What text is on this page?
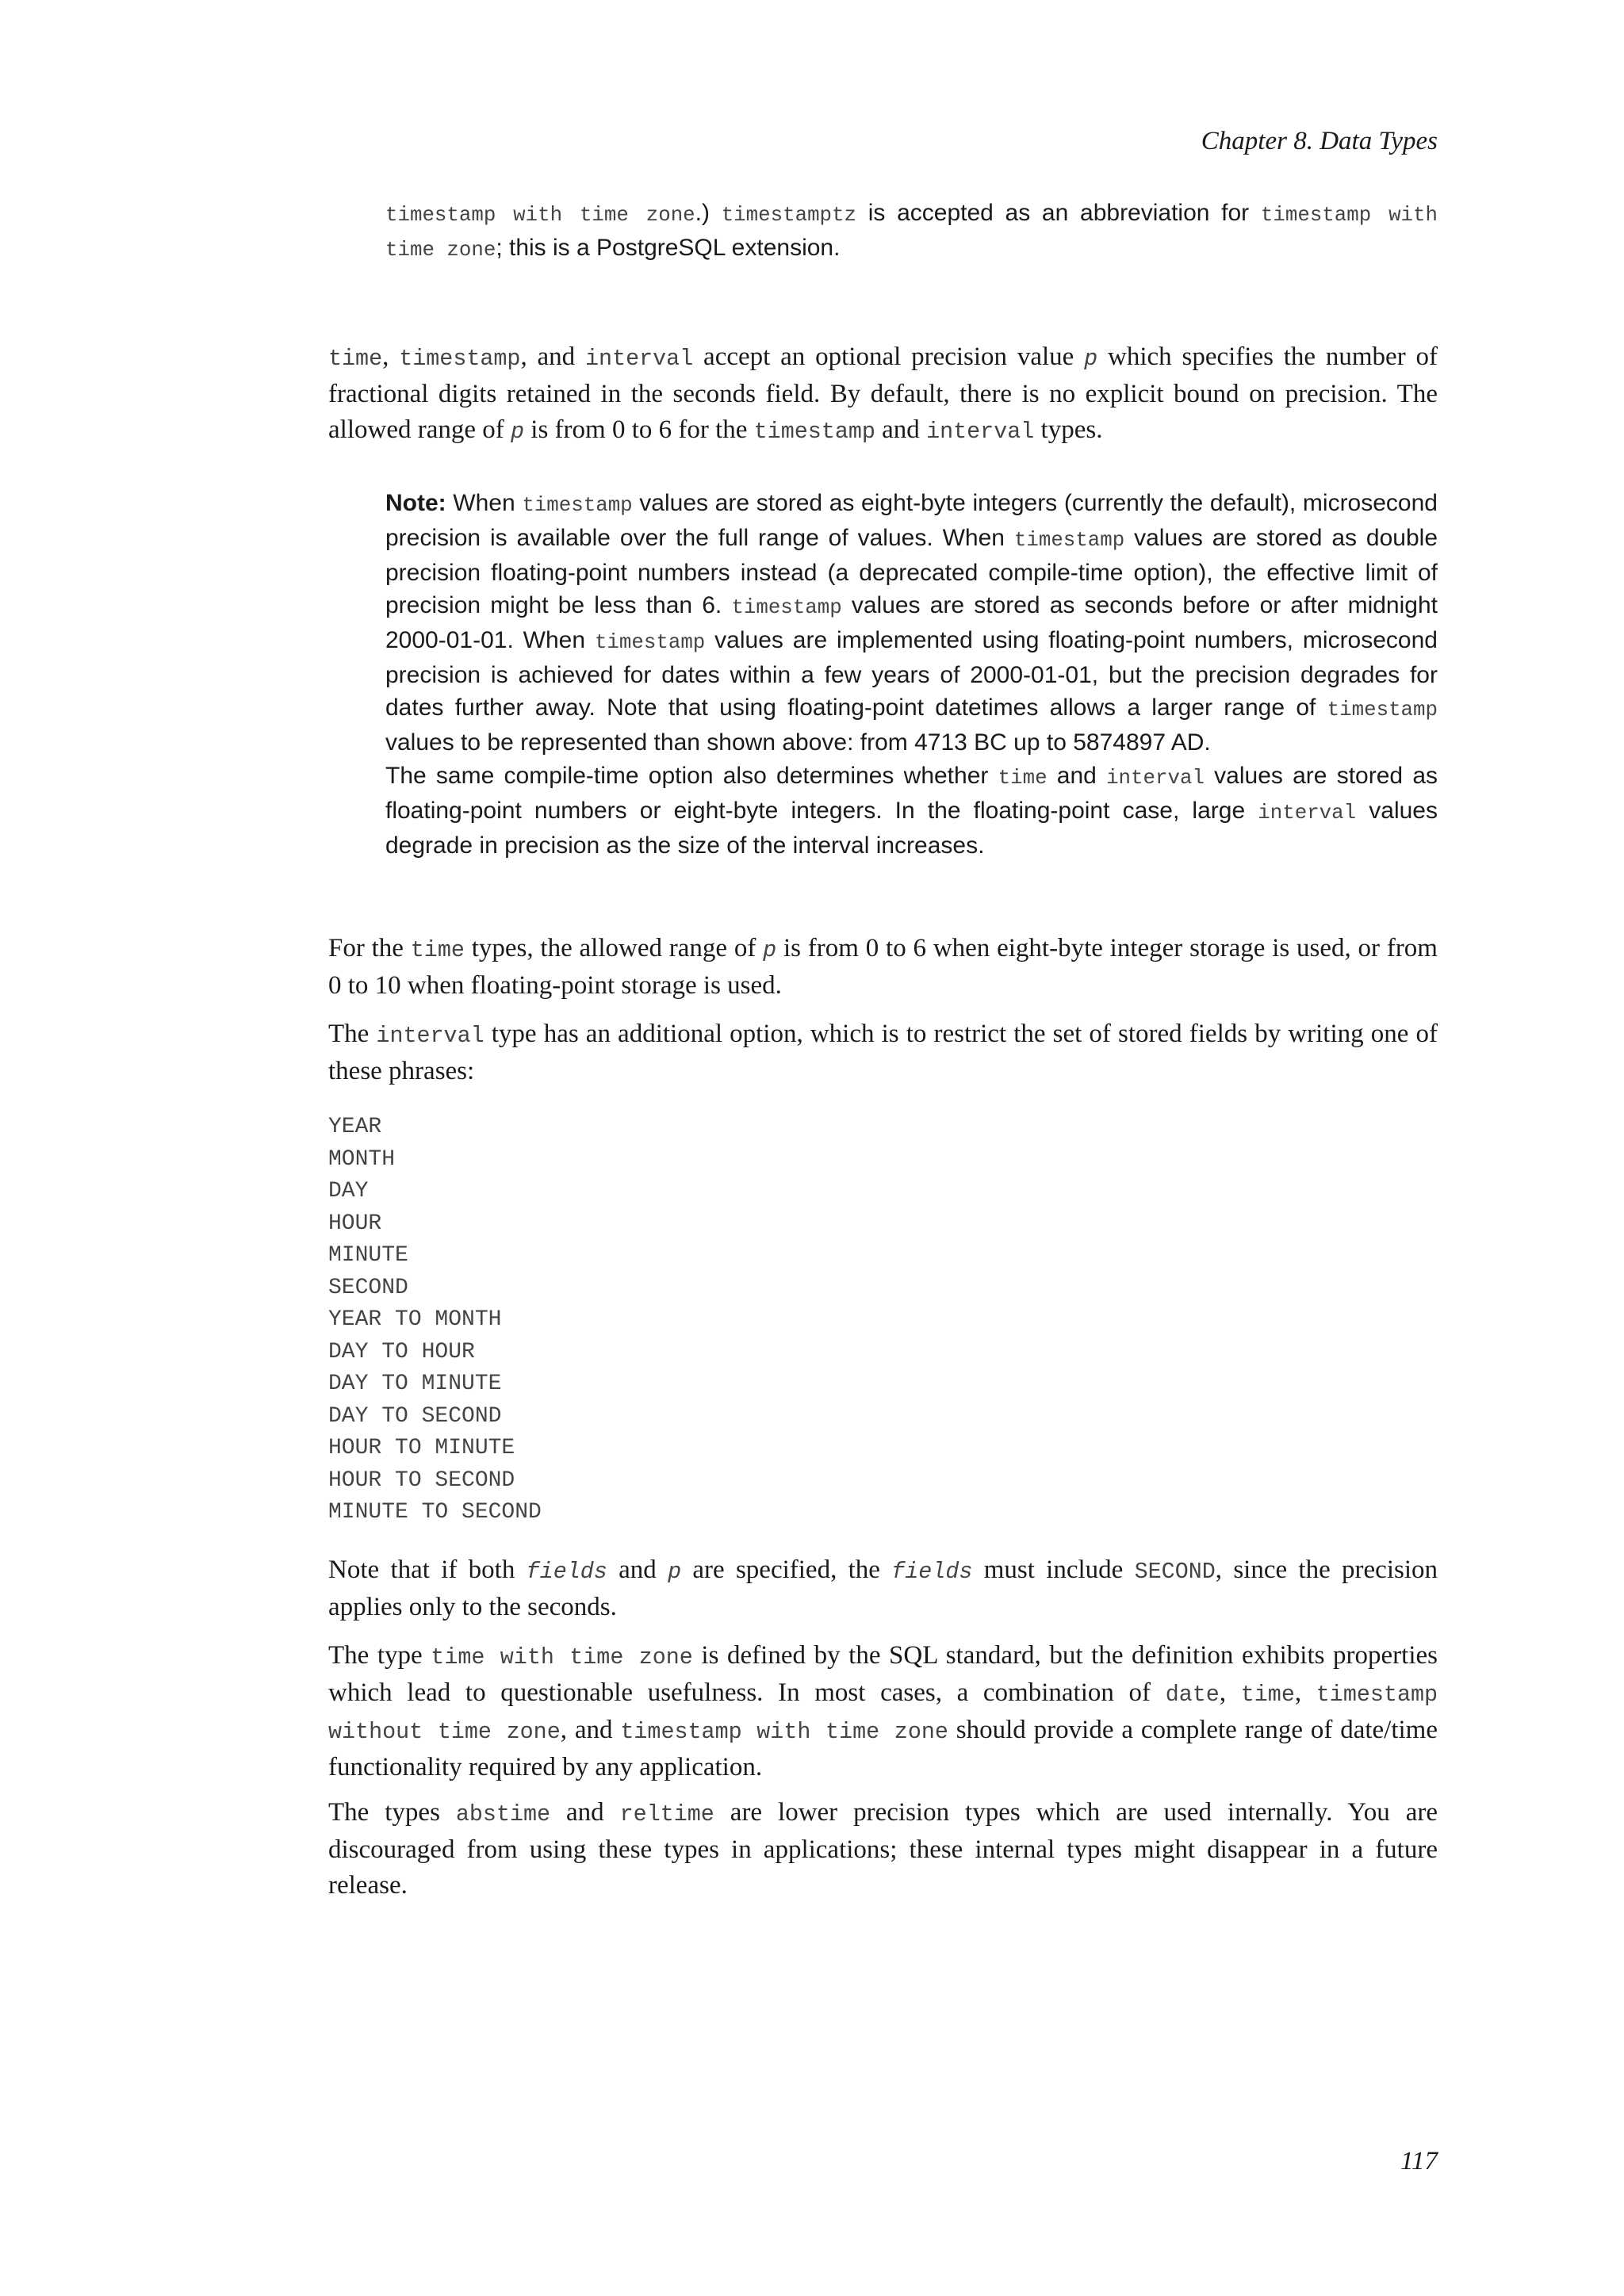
Chapter 8. Data Types

timestamp with time zone.) timestamptz is accepted as an abbreviation for timestamp with time zone; this is a PostgreSQL extension.

time, timestamp, and interval accept an optional precision value p which specifies the number of fractional digits retained in the seconds field. By default, there is no explicit bound on precision. The allowed range of p is from 0 to 6 for the timestamp and interval types.

Note: When timestamp values are stored as eight-byte integers (currently the default), microsecond precision is available over the full range of values. When timestamp values are stored as double precision floating-point numbers instead (a deprecated compile-time option), the effective limit of precision might be less than 6. timestamp values are stored as seconds before or after midnight 2000-01-01. When timestamp values are implemented using floating-point numbers, microsecond precision is achieved for dates within a few years of 2000-01-01, but the precision degrades for dates further away. Note that using floating-point datetimes allows a larger range of timestamp values to be represented than shown above: from 4713 BC up to 5874897 AD.

The same compile-time option also determines whether time and interval values are stored as floating-point numbers or eight-byte integers. In the floating-point case, large interval values degrade in precision as the size of the interval increases.

For the time types, the allowed range of p is from 0 to 6 when eight-byte integer storage is used, or from 0 to 10 when floating-point storage is used.

The interval type has an additional option, which is to restrict the set of stored fields by writing one of these phrases:

YEAR
MONTH
DAY
HOUR
MINUTE
SECOND
YEAR TO MONTH
DAY TO HOUR
DAY TO MINUTE
DAY TO SECOND
HOUR TO MINUTE
HOUR TO SECOND
MINUTE TO SECOND

Note that if both fields and p are specified, the fields must include SECOND, since the precision applies only to the seconds.

The type time with time zone is defined by the SQL standard, but the definition exhibits properties which lead to questionable usefulness. In most cases, a combination of date, time, timestamp without time zone, and timestamp with time zone should provide a complete range of date/time functionality required by any application.

The types abstime and reltime are lower precision types which are used internally. You are discouraged from using these types in applications; these internal types might disappear in a future release.

117
